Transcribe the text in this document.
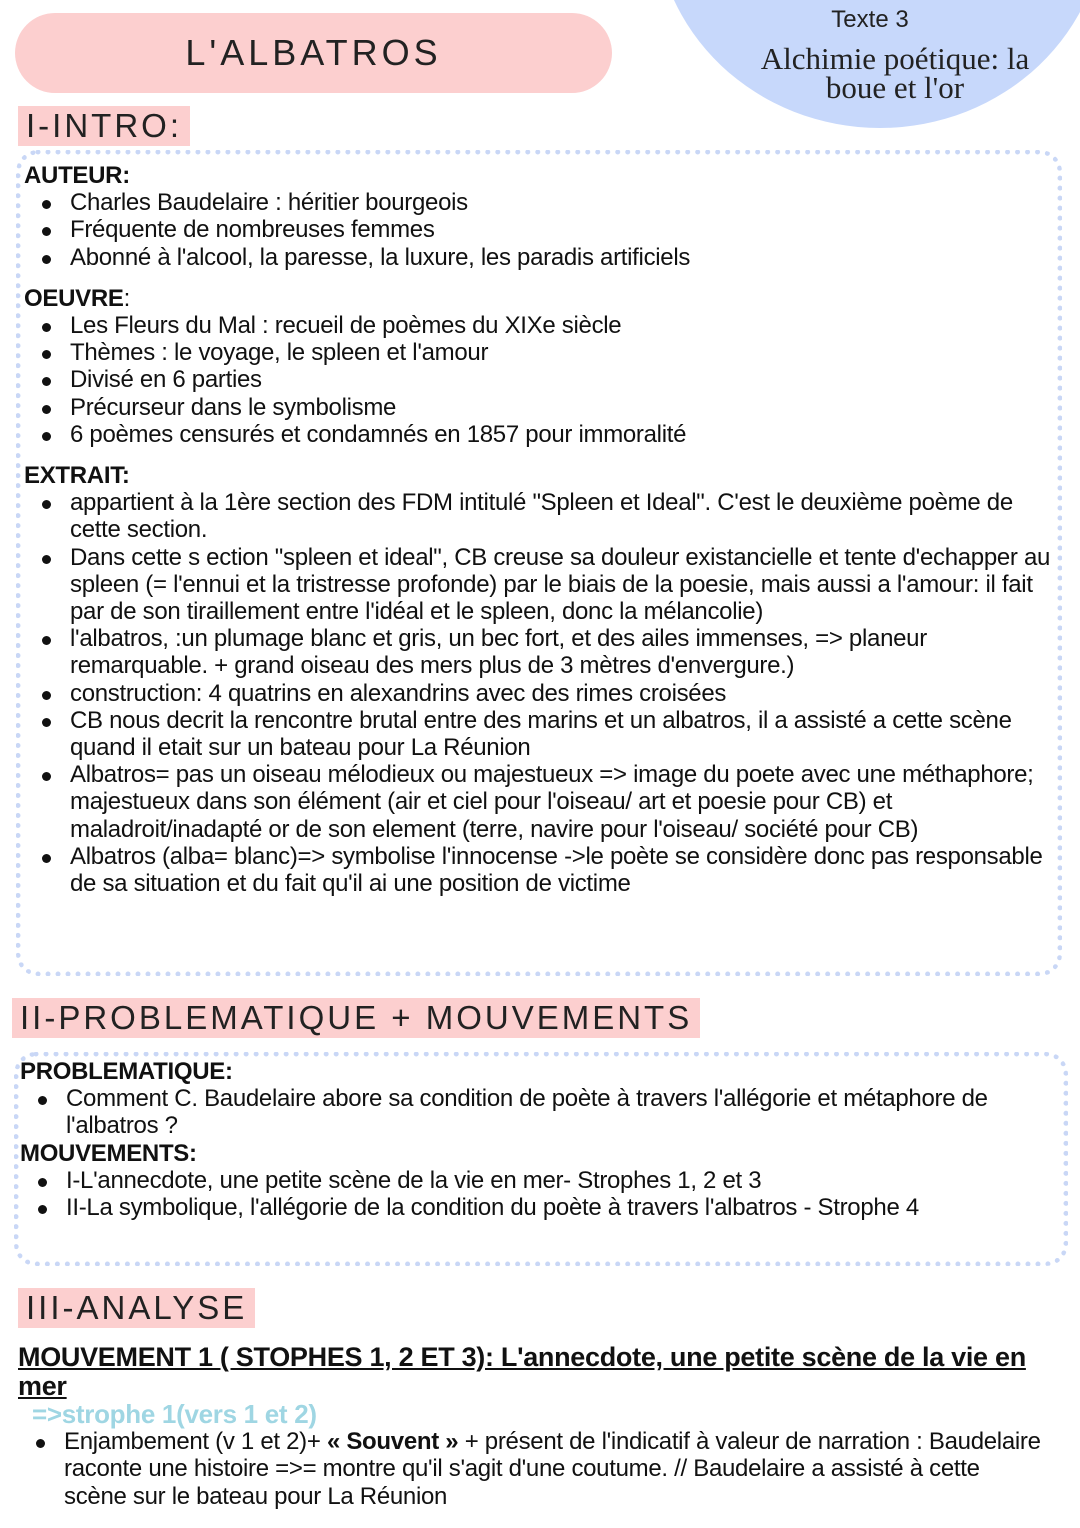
Texte 3
Alchimie poétique: la boue et l'or
L'ALBATROS
I-INTRO:
AUTEUR:
Charles Baudelaire : héritier bourgeois
Fréquente de nombreuses femmes
Abonné à l'alcool, la paresse, la luxure, les paradis artificiels
OEUVRE:
Les Fleurs du Mal : recueil de poèmes du XIXe siècle
Thèmes : le voyage, le spleen et l'amour
Divisé en 6 parties
Précurseur dans le symbolisme
6 poèmes censurés et condamnés en 1857 pour immoralité
EXTRAIT:
appartient à la 1ère section des FDM intitulé "Spleen et Ideal". C'est le deuxième poème de cette section.
Dans cette s ection "spleen et ideal", CB creuse sa douleur existancielle et tente d'echapper au spleen (= l'ennui et la tristresse profonde) par le biais de la poesie, mais aussi a l'amour: il fait par de son tiraillement entre l'idéal et le spleen, donc la mélancolie)
l'albatros, :un plumage blanc et gris, un bec fort, et des ailes immenses, => planeur remarquable. + grand oiseau des mers plus de 3 mètres d'envergure.)
construction: 4 quatrins en alexandrins avec des rimes croisées
CB nous decrit la rencontre brutal entre des marins et un albatros, il a assisté a cette scène quand il etait sur un bateau pour La Réunion
Albatros= pas un oiseau mélodieux ou majestueux => image du poete avec une méthaphore; majestueux dans son élément (air et ciel pour l'oiseau/ art et poesie pour CB) et maladroit/inadapté or de son element (terre, navire pour l'oiseau/ société pour CB)
Albatros (alba= blanc)=> symbolise l'innocense ->le poète se considère donc pas responsable de sa situation et du fait qu'il ai une position de victime
II-PROBLEMATIQUE + MOUVEMENTS
PROBLEMATIQUE:
Comment C. Baudelaire abore sa condition de poète à travers l'allégorie et métaphore de l'albatros ?
MOUVEMENTS:
I-L'annecdote, une petite scène de la vie en mer- Strophes 1, 2 et 3
II-La symbolique, l'allégorie de la condition du poète à travers l'albatros - Strophe 4
III-ANALYSE
MOUVEMENT 1 ( STOPHES 1, 2 ET 3): L'annecdote, une petite scène de la vie en mer
=>strophe 1(vers 1 et 2)
Enjambement (v 1 et 2)+ « Souvent » + présent de l'indicatif à valeur de narration : Baudelaire raconte une histoire =>= montre qu'il s'agit d'une coutume. // Baudelaire a assisté à cette scène sur le bateau pour La Réunion
